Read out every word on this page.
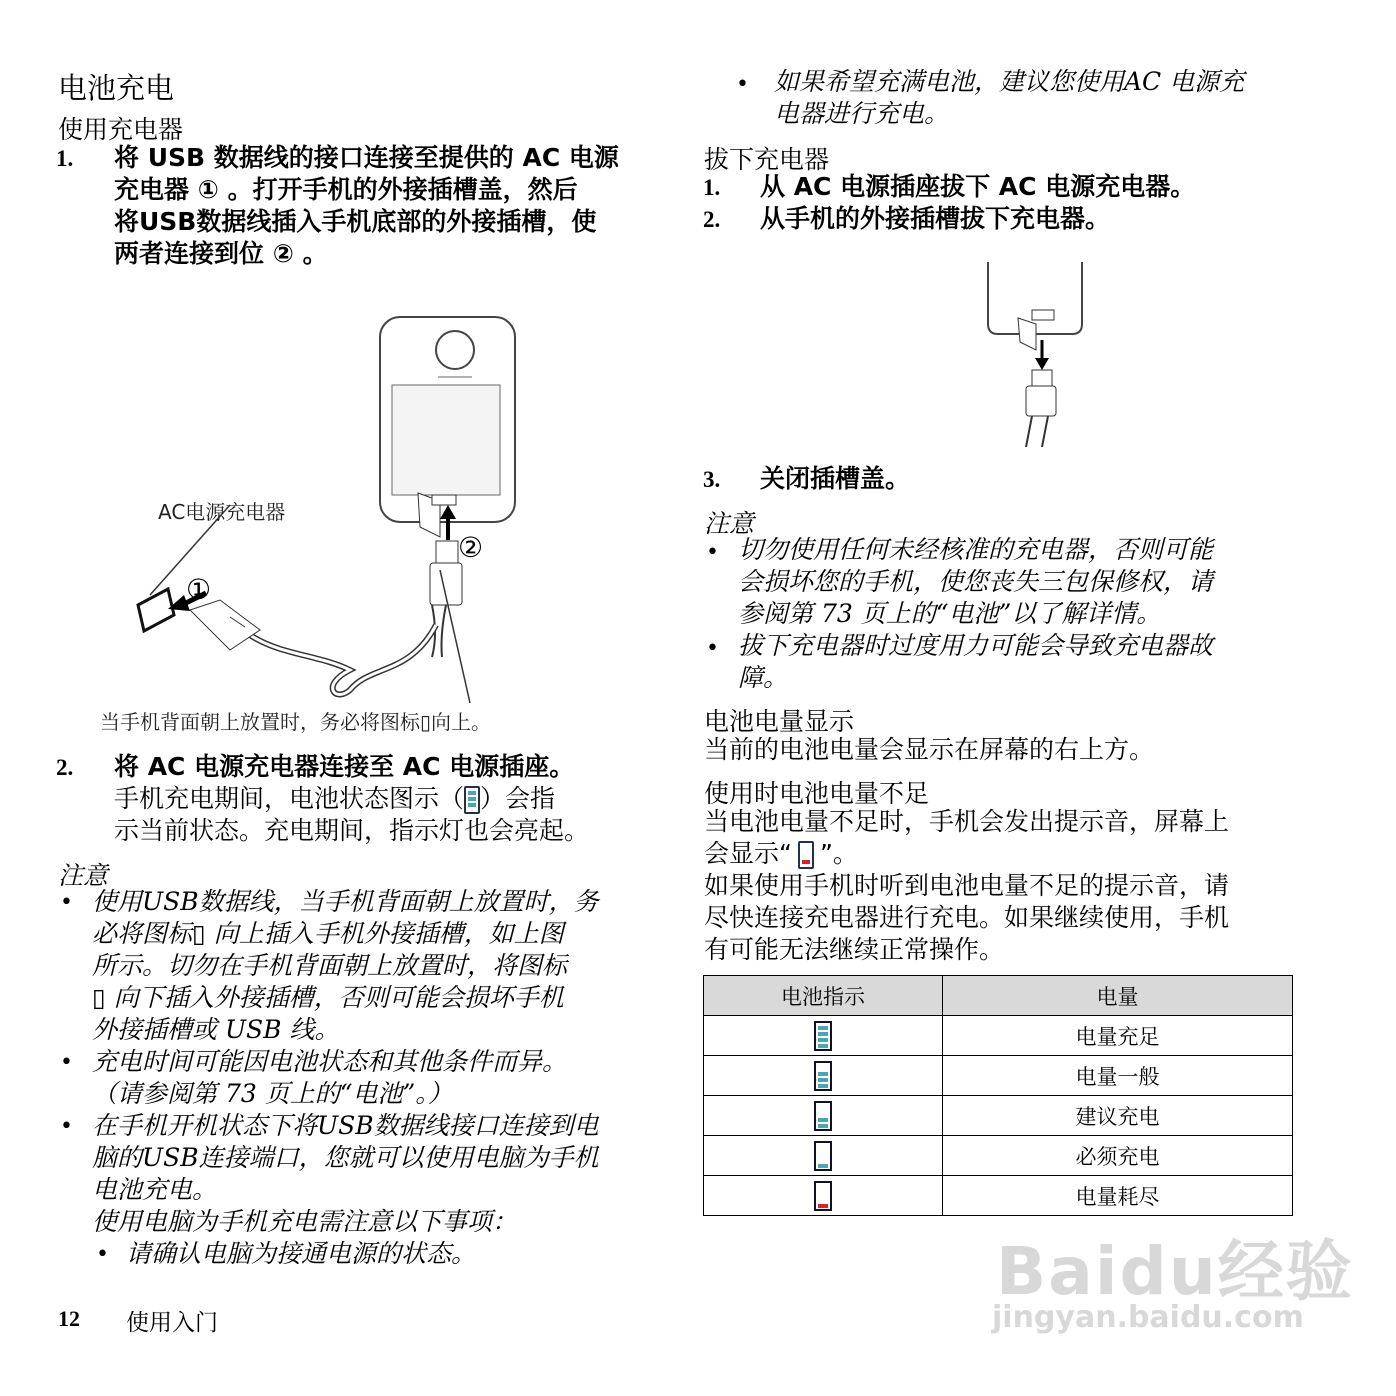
电池充电
使用充电器
1. 将 USB 数据线的接口连接至提供的 AC 电源
充电器 ① 。打开手机的外接插槽盖，然后
将USB数据线插入手机底部的外接插槽，使
两者连接到位 ② 。
①
②
AC电源充电器
当手机背面朝上放置时，务必将图标▯向上。
2. 将 AC 电源充电器连接至 AC 电源插座。
手机充电期间，电池状态图示（ ）会指
示当前状态。充电期间，指示灯也会亮起。
注意
• 使用USB数据线，当手机背面朝上放置时，务
必将图标▯ 向上插入手机外接插槽，如上图
所示。切勿在手机背面朝上放置时，将图标
▯ 向下插入外接插槽，否则可能会损坏手机
外接插槽或 USB 线。
• 充电时间可能因电池状态和其他条件而异。
（请参阅第 73 页上的“电池”。）
• 在手机开机状态下将USB数据线接口连接到电
脑的USB连接端口，您就可以使用电脑为手机
电池充电。
使用电脑为手机充电需注意以下事项：
• 请确认电脑为接通电源的状态。
12 使用入门
• 如果希望充满电池，建议您使用AC 电源充
电器进行充电。
拔下充电器
1. 从 AC 电源插座拔下 AC 电源充电器。
2. 从手机的外接插槽拔下充电器。
3. 关闭插槽盖。
注意
• 切勿使用任何未经核准的充电器，否则可能
会损坏您的手机，使您丧失三包保修权，请
参阅第 73 页上的“电池”以了解详情。
• 拔下充电器时过度用力可能会导致充电器故
障。
电池电量显示
当前的电池电量会显示在屏幕的右上方。
使用时电池电量不足
当电池电量不足时，手机会发出提示音，屏幕上
会显示“ ”。
如果使用手机时听到电池电量不足的提示音，请
尽快连接充电器进行充电。如果继续使用，手机
有可能无法继续正常操作。
电池指示	电量

	电量充足

	电量一般

	建议充电

	必须充电

	电量耗尽
Baidu经验
jingyan.baidu.com
